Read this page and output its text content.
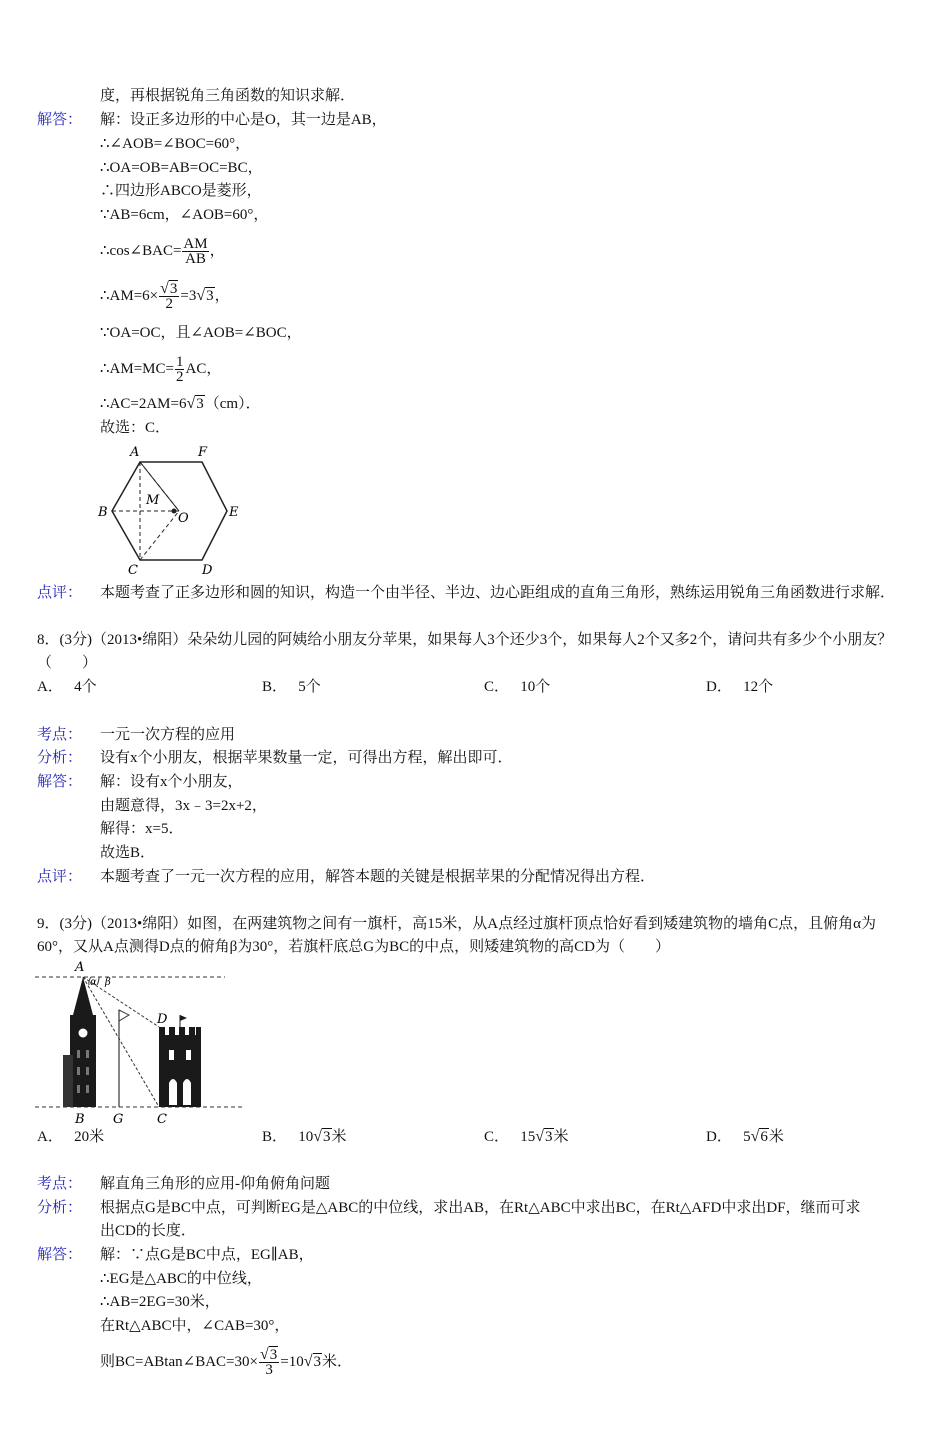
度，再根据锐角三角函数的知识求解．
解答： 解：设正多边形的中心是O，其一边是AB，
∴∠AOB=∠BOC=60°，
∴OA=OB=AB=OC=BC，
∴四边形ABCO是菱形，
∵AB=6cm，∠AOB=60°，
∴cos∠BAC= $\frac{AM}{AB}$ ，
∴AM=6× $\frac{√3}{2} =3√3$，
∵OA=OC，且∠AOB=∠BOC，
∴AM=MC= $\frac{1}{2}$ AC，
∴AC=2AM=6√3（cm）．
故选：C．
A	F
B
M
O	E
C	D
点评： 本题考查了正多边形和圆的知识，构造一个由半径、半边、边心距组成的直角三角形，熟练运用锐角三角函数进行求解．
8．(3分)（2013•绵阳）朵朵幼儿园的阿姨给小朋友分苹果，如果每人3个还少3个，如果每人2个又多2个，请问共有多少个小朋友？
（　　）
A． 4个	B． 5个	C． 10个	D． 12个
考点： 一元一次方程的应用
分析： 设有x个小朋友，根据苹果数量一定，可得出方程，解出即可．
解答： 解：设有x个小朋友，
由题意得，3x﹣3=2x+2，
解得：x=5．
故选B．
点评： 本题考查了一元一次方程的应用，解答本题的关键是根据苹果的分配情况得出方程．
9．(3分)（2013•绵阳）如图，在两建筑物之间有一旗杆，高15米，从A点经过旗杆顶点恰好看到矮建筑物的墙角C点，且俯角α为
60°，又从A点测得D点的俯角β为30°，若旗杆底总G为BC的中点，则矮建筑物的高CD为（　　）
A
α β
D
B G	C
A． 20米	B． 10√3米	C． 15√3米	D． 5√6米
考点： 解直角三角形的应用-仰角俯角问题
分析： 根据点G是BC中点，可判断EG是△ABC的中位线，求出AB，在Rt△ABC中求出BC，在Rt△AFD中求出DF，继而可求
出CD的长度．
解答： 解：∵点G是BC中点，EG∥AB，
∴EG是△ABC的中位线，
∴AB=2EG=30米，
在Rt△ABC中，∠CAB=30°，
则BC=ABtan∠BAC=30× $\frac{√3}{3} =10√3$米．
